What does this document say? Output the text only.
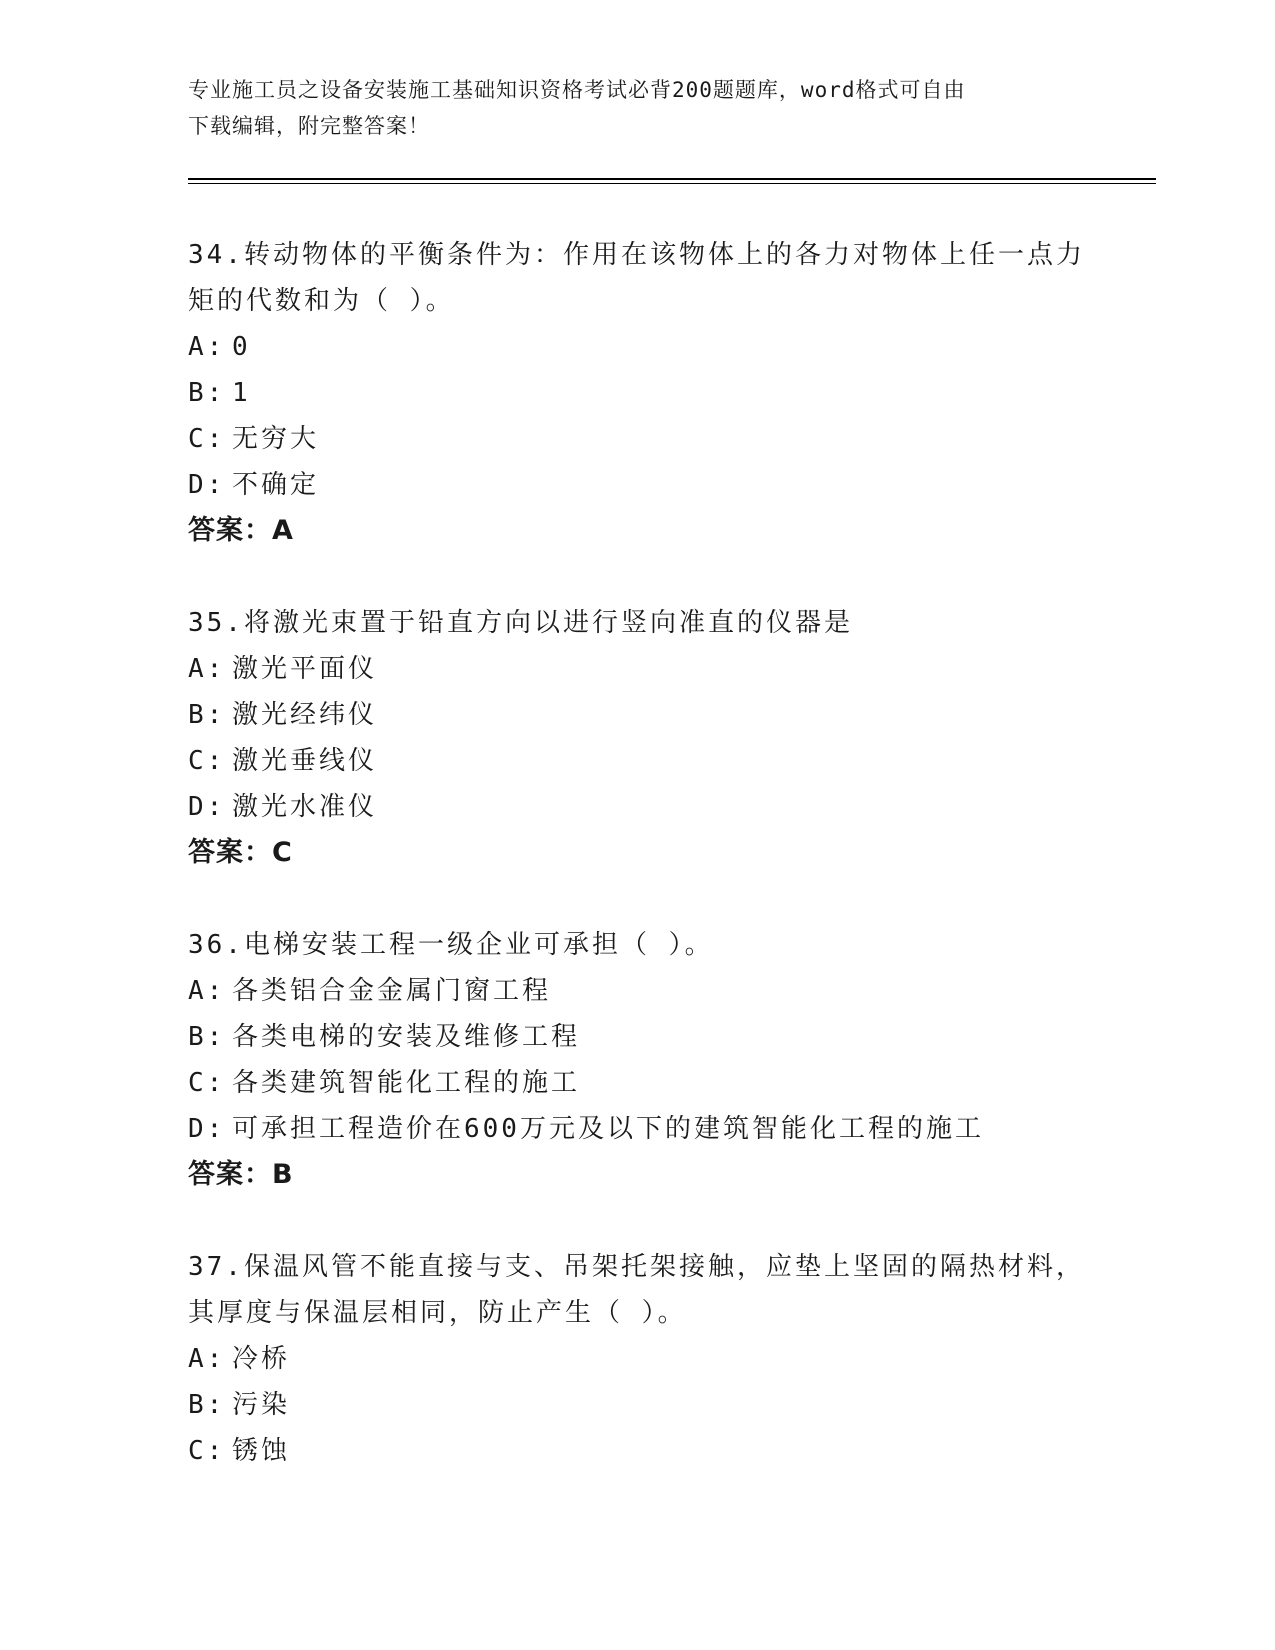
专业施工员之设备安装施工基础知识资格考试必背200题题库，word格式可自由
下载编辑，附完整答案！

34.转动物体的平衡条件为：作用在该物体上的各力对物体上任一点力
矩的代数和为（ ）。

A: 0

B: 1

C: 无穷大

D: 不确定

答案：A

35.将激光束置于铅直方向以进行竖向准直的仪器是

A: 激光平面仪

B: 激光经纬仪

C: 激光垂线仪

D: 激光水准仪

答案：C

36.电梯安装工程一级企业可承担（ ）。

A: 各类铝合金金属门窗工程

B: 各类电梯的安装及维修工程

C: 各类建筑智能化工程的施工

D: 可承担工程造价在600万元及以下的建筑智能化工程的施工

答案：B

37.保温风管不能直接与支、吊架托架接触，应垫上坚固的隔热材料，
其厚度与保温层相同，防止产生（ ）。

A: 冷桥

B: 污染

C: 锈蚀
